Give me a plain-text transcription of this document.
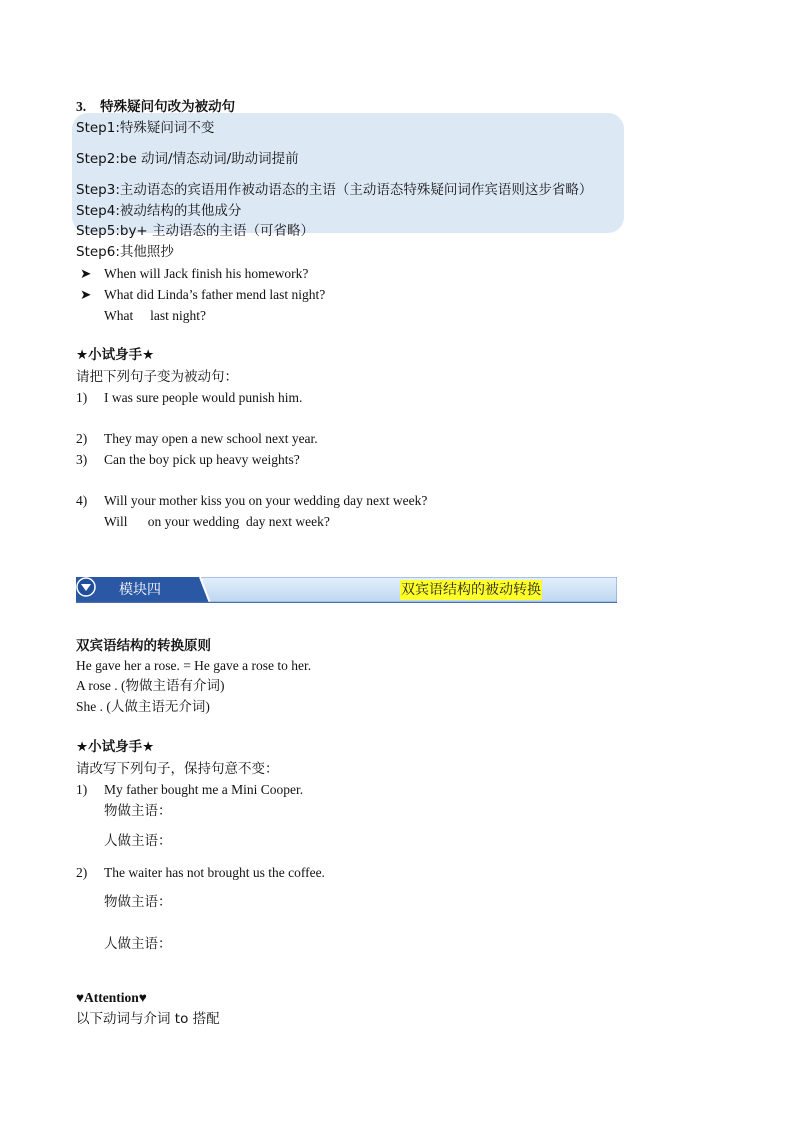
3. 特殊疑问句改为被动句
Step1:特殊疑问词不变
Step2:be 动词/情态动词/助动词提前
Step3:主动语态的宾语用作被动语态的主语（主动语态特殊疑问词作宾语则这步省略）
Step4:被动结构的其他成分
Step5:by+ 主动语态的主语（可省略）
Step6:其他照抄
➤ When will Jack finish his homework?
➤ What did Linda’s father mend last night?
What     last night?
★小试身手★
请把下列句子变为被动句：
1) I was sure people would punish him.
2) They may open a new school next year.
3) Can the boy pick up heavy weights?
4) Will your mother kiss you on your wedding day next week?
Will      on your wedding  day next week?
模块四	双宾语结构的被动转换
双宾语结构的转换原则
He gave her a rose. = He gave a rose to her.
A rose . (物做主语有介词)
She . (人做主语无介词)
★小试身手★
请改写下列句子，保持句意不变：
1) My father bought me a Mini Cooper.
物做主语：
人做主语：
2) The waiter has not brought us the coffee.
物做主语：
人做主语：
♥Attention♥
以下动词与介词 to 搭配
